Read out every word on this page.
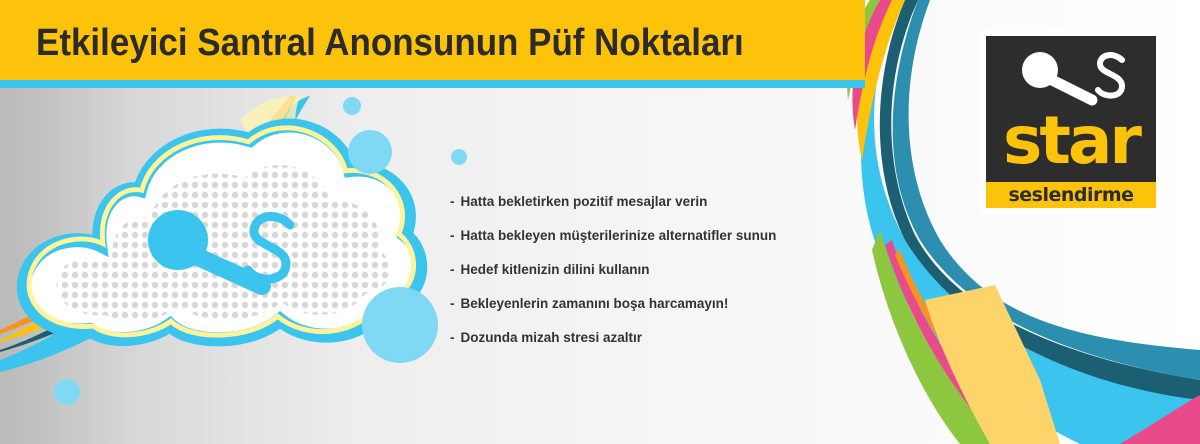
Etkileyici Santral Anonsunun Püf Noktaları
- Hatta bekletirken pozitif mesajlar verin
- Hatta bekleyen müşterilerinize alternatifler sunun
- Hedef kitlenizin dilini kullanın
- Bekleyenlerin zamanını boşa harcamayın!
- Dozunda mizah stresi azaltır
star
seslendirme
